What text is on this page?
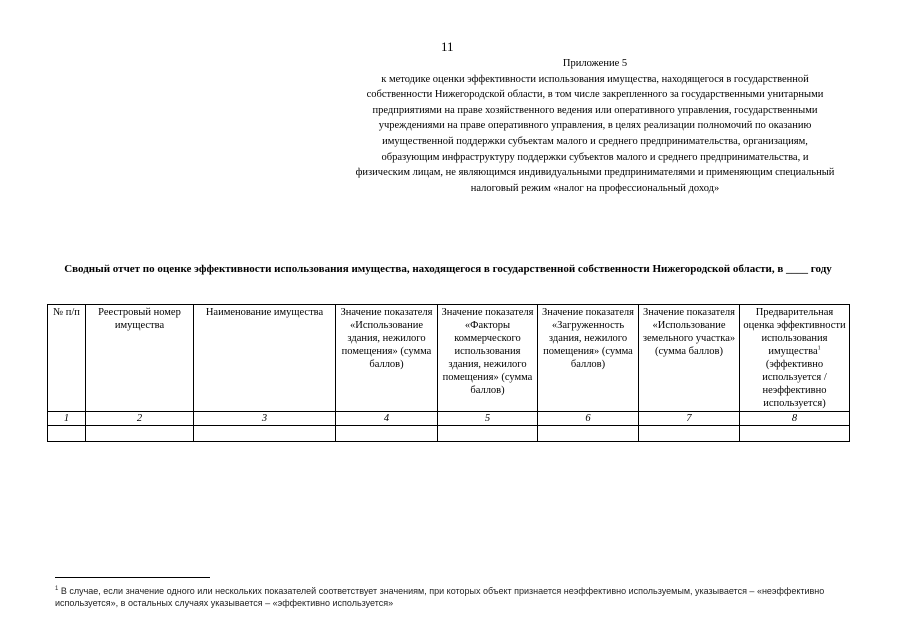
11
Приложение 5
к методике оценки эффективности использования имущества, находящегося в государственной собственности Нижегородской области, в том числе закрепленного за государственными унитарными предприятиями на праве хозяйственного ведения или оперативного управления, государственными учреждениями на праве оперативного управления, в целях реализации полномочий по оказанию имущественной поддержки субъектам малого и среднего предпринимательства, организациям, образующим инфраструктуру поддержки субъектов малого и среднего предпринимательства, и физическим лицам, не являющимся индивидуальными предпринимателями и применяющим специальный налоговый режим «налог на профессиональный доход»
Сводный отчет по оценке эффективности использования имущества, находящегося в государственной собственности Нижегородской области, в ____ году
№ п/п	Реестровый номер имущества	Наименование имущества	Значение показателя «Использование здания, нежилого помещения» (сумма баллов)	Значение показателя «Факторы коммерческого использования здания, нежилого помещения» (сумма баллов)	Значение показателя «Загруженность здания, нежилого помещения» (сумма баллов)	Значение показателя «Использование земельного участка» (сумма баллов)	Предварительная оценка эффективности использования имущества$^1$ (эффективно используется / неэффективно используется)
1	2	3	4	5	6	7	8

$^1$ В случае, если значение одного или нескольких показателей соответствует значениям, при которых объект признается неэффективно используемым, указывается – «неэффективно используется», в остальных случаях указывается – «эффективно используется»
